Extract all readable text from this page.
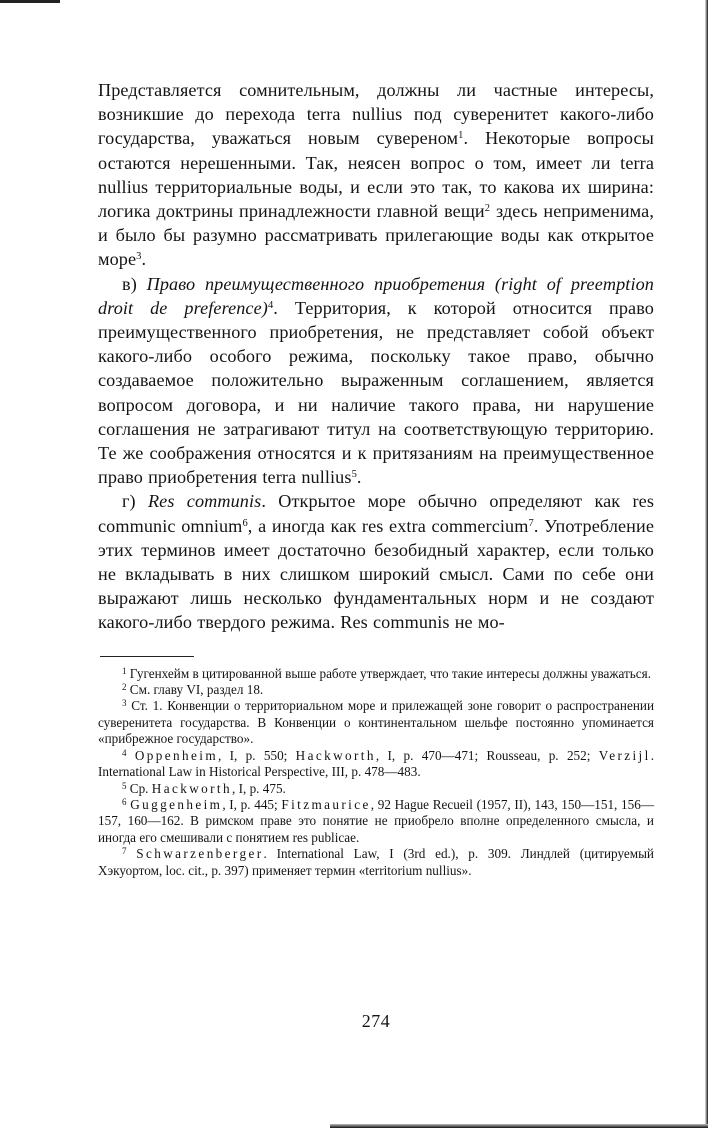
Представляется сомнительным, должны ли частные интересы, возникшие до перехода terra nullius под суверенитет какого-либо государства, уважаться новым сувереном$^1$. Некоторые вопросы остаются нерешенными. Так, неясен вопрос о том, имеет ли terra nullius территориальные воды, и если это так, то какова их ширина: логика доктрины принадлежности главной вещи$^2$ здесь неприменима, и было бы разумно рассматривать прилегающие воды как открытое море$^3$.

в) Право преимущественного приобретения (right of preemption droit de preference)$^4$. Территория, к которой относится право преимущественного приобретения, не представляет собой объект какого-либо особого режима, поскольку такое право, обычно создаваемое положительно выраженным соглашением, является вопросом договора, и ни наличие такого права, ни нарушение соглашения не затрагивают титул на соответствующую территорию. Те же соображения относятся и к притязаниям на преимущественное право приобретения terra nullius$^5$.

г) Res communis. Открытое море обычно определяют как res communic omnium$^6$, а иногда как res extra commercium$^7$. Употребление этих терминов имеет достаточно безобидный характер, если только не вкладывать в них слишком широкий смысл. Сами по себе они выражают лишь несколько фундаментальных норм и не создают какого-либо твердого режима. Res communis не мо-

$^1$ Гугенхейм в цитированной выше работе утверждает, что такие интересы должны уважаться.

$^2$ См. главу VI, раздел 18.

$^3$ Ст. 1. Конвенции о территориальном море и прилежащей зоне говорит о распространении суверенитета государства. В Конвенции о континентальном шельфе постоянно упоминается «прибрежное государство».

$^4$ Oppenheim, I, p. 550; Hackworth, I, p. 470—471; Rousseau, p. 252; Verzijl. International Law in Historical Perspective, III, p. 478—483.

$^5$ Ср. Hackworth, I, p. 475.

$^6$ Guggenheim, I, p. 445; Fitzmaurice, 92 Hague Recueil (1957, II), 143, 150—151, 156—157, 160—162. В римском праве это понятие не приобрело вполне определенного смысла, и иногда его смешивали с понятием res publicae.

$^7$ Schwarzenberger. International Law, I (3rd ed.), p. 309. Линдлей (цитируемый Хэкуортом, loc. cit., p. 397) применяет термин «territorium nullius».

274
